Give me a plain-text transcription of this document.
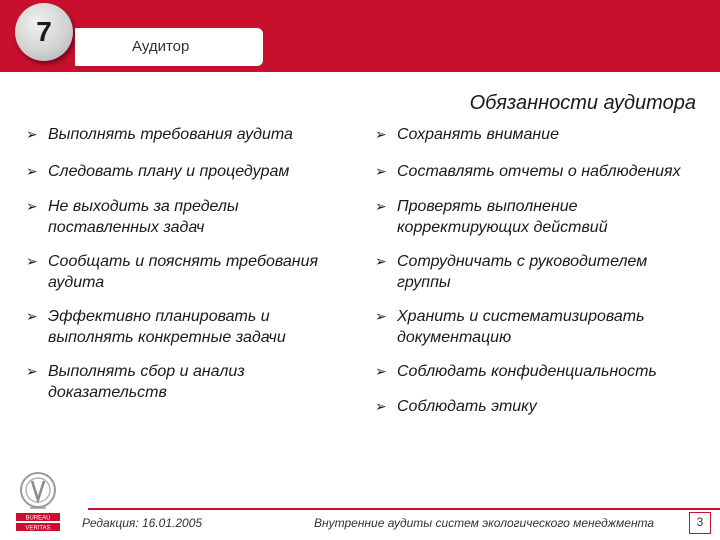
7	Аудитор
Обязанности аудитора
➢ Выполнять требования аудита
➢ Следовать плану и процедурам
➢ Не выходить за пределы
поставленных задач
➢ Сообщать и пояснять требования
аудита
➢ Эффективно планировать и
выполнять конкретные задачи
➢ Выполнять сбор и анализ
доказательств
➢ Сохранять внимание
➢ Составлять отчеты о наблюдениях
➢ Проверять выполнение
корректирующих действий
➢ Сотрудничать с руководителем
группы
➢ Хранить и систематизировать
документацию
➢ Соблюдать конфиденциальность
➢ Соблюдать этику
BUREAU
VERITAS	Редакция: 16.01.2005	Внутренние аудиты систем экологического менеджмента	3
